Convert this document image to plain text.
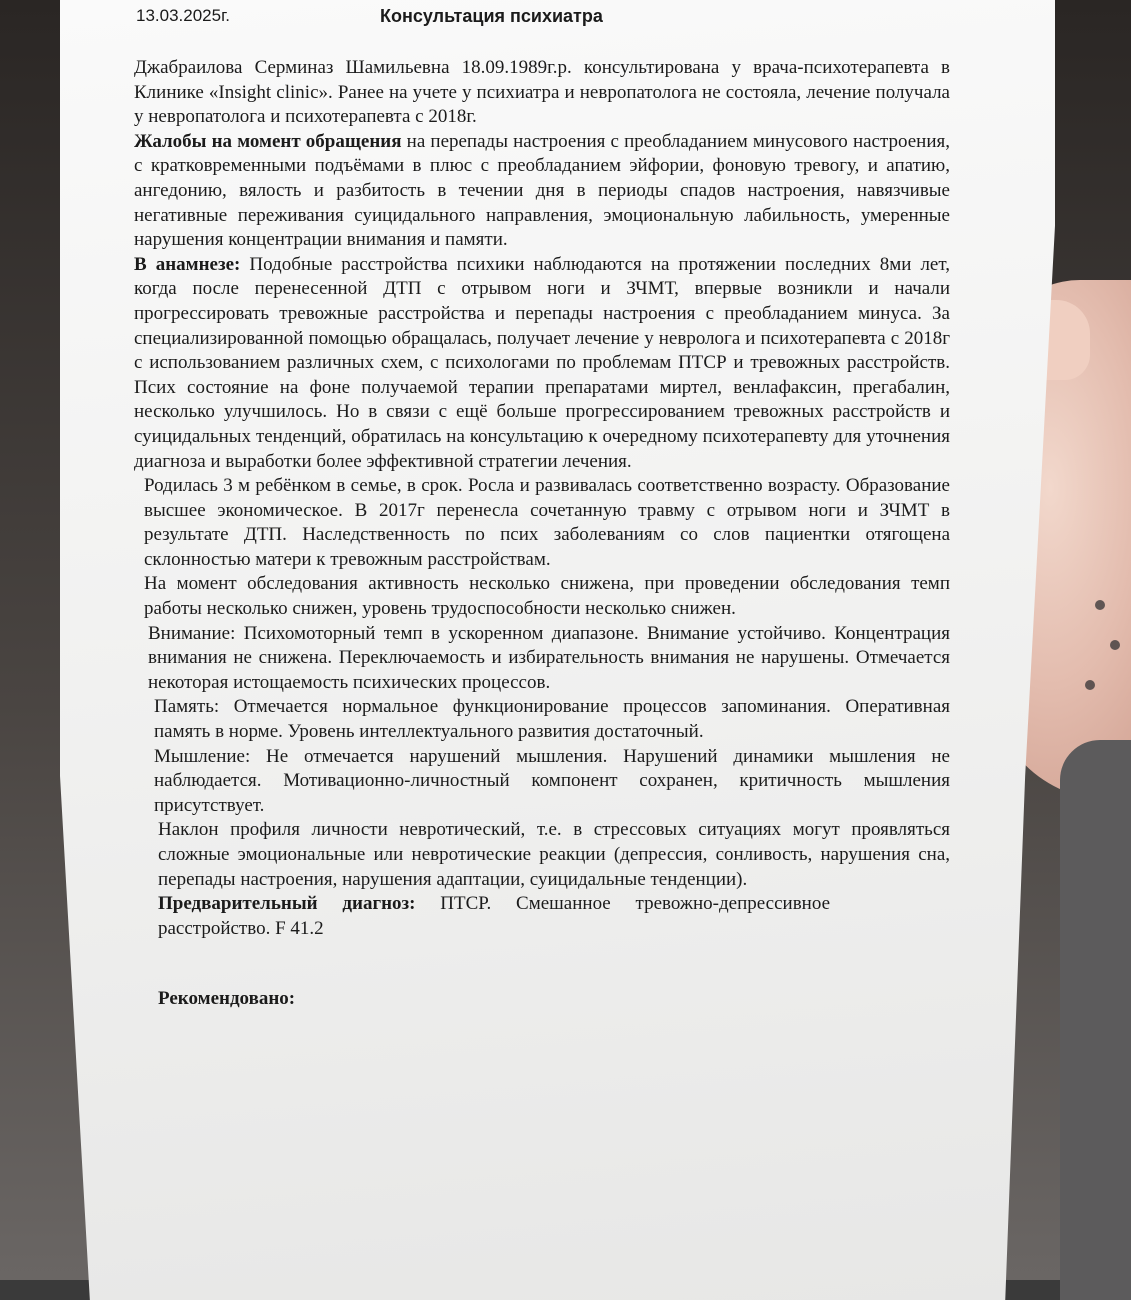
13.03.2025г.	Консультация психиатра

Джабраилова Серминаз Шамильевна 18.09.1989г.р. консультирована у врача-психотерапевта в Клинике «Insight clinic». Ранее на учете у психиатра и невропатолога не состояла, лечение получала у невропатолога и психотерапевта с 2018г.

Жалобы на момент обращения на перепады настроения с преобладанием минусового настроения, с кратковременными подъёмами в плюс с преобладанием эйфории, фоновую тревогу, и апатию, ангедонию, вялость и разбитость в течении дня в периоды спадов настроения, навязчивые негативные переживания суицидального направления, эмоциональную лабильность, умеренные нарушения концентрации внимания и памяти.

В анамнезе: Подобные расстройства психики наблюдаются на протяжении последних 8ми лет, когда после перенесенной ДТП с отрывом ноги и ЗЧМТ, впервые возникли и начали прогрессировать тревожные расстройства и перепады настроения с преобладанием минуса. За специализированной помощью обращалась, получает лечение у невролога и психотерапевта с 2018г с использованием различных схем, с психологами по проблемам ПТСР и тревожных расстройств. Псих состояние на фоне получаемой терапии препаратами миртел, венлафаксин, прегабалин, несколько улучшилось. Но в связи с ещё больше прогрессированием тревожных расстройств и суицидальных тенденций, обратилась на консультацию к очередному психотерапевту для уточнения диагноза и выработки более эффективной стратегии лечения.

Родилась 3 м ребёнком в семье, в срок. Росла и развивалась соответственно возрасту. Образование высшее экономическое. В 2017г перенесла сочетанную травму с отрывом ноги и ЗЧМТ в результате ДТП. Наследственность по псих заболеваниям со слов пациентки отягощена склонностью матери к тревожным расстройствам.

На момент обследования активность несколько снижена, при проведении обследования темп работы несколько снижен, уровень трудоспособности несколько снижен.

Внимание: Психомоторный темп в ускоренном диапазоне. Внимание устойчиво. Концентрация внимания не снижена. Переключаемость и избирательность внимания не нарушены. Отмечается некоторая истощаемость психических процессов.

Память: Отмечается нормальное функционирование процессов запоминания. Оперативная память в норме. Уровень интеллектуального развития достаточный.

Мышление: Не отмечается нарушений мышления. Нарушений динамики мышления не наблюдается. Мотивационно-личностный компонент сохранен, критичность мышления присутствует.

Наклон профиля личности невротический, т.е. в стрессовых ситуациях могут проявляться сложные эмоциональные или невротические реакции (депрессия, сонливость, нарушения сна, перепады настроения, нарушения адаптации, суицидальные тенденции).

Предварительный диагноз: ПТСР. Смешанное тревожно-депрессивное расстройство. F 41.2

Рекомендовано:
